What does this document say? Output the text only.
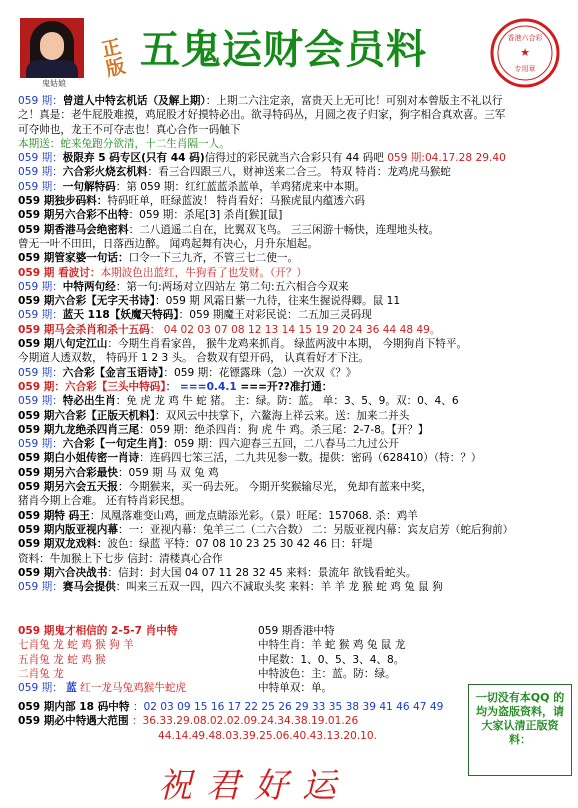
鬼姑娘
正版 五鬼运财会员料	★
香港六合彩
专用章
059 期：曾道人中特玄机话（及解上期）：上期二六注定亲，富贵天上无可比！可别对本曾版主不礼以行
之！真是：老牛屁股难摸，鸡屁股才好摸特必出。欲寻特码丛，月圆之夜子归家，狗字相合真欢喜。三军
可夺帅也，龙王不可夺志也！真心合作一码触下
本期送：蛇来兔跑分欲清，十二生肖隔一人。
059 期：极限弃 5 码专区(只有 44 码)信得过的彩民就当六合彩只有 44 码吧 059 期:04.17.28 29.40
059 期：六合彩火烧玄机料：看三合四跟三八，财神送来二合三。 特双 特肖：龙鸡虎马猴蛇
059 期：一句解特码：第 059 期：红红蓝蓝杀蓝单，羊鸡猪虎来中本期。
059 期独步码料：特码旺单，旺绿蓝波！ 特肖看好：马猴虎鼠内蕴透六码
059 期另六合彩不出特：059 期：杀尾[3] 杀肖[猴][鼠]
059 期香港马会绝密料：二八逍遥二自在，比翼双飞鸟。 三三闲游十畅快，连理地头枝。
曾无一叶不田田，日落西边醉。 闻鸡起舞有决心，月升东旭起。
059 期管家婆一句话：口令一下三九齐，不管三七二使一。
059 期 看波讨：本期波色出蓝红，牛狗看了也发财。（开？）
059 期：中特两句经：第一句:两场对立四站左 第二句:五六相合今双来
059 期六合彩【无字天书诗】：059 期 风霜日紫一九待，往来生握说得卿。鼠 11
059 期：蓝天 118【妖魔天特码】：059 期魔王对彩民说：二五加三灵码现
059 期马会杀肖和杀十五码： 04 02 03 07 08 12 13 14 15 19 20 24 36 44 48 49。
059 期八句定江山：今期生肖看家兽， 猴牛龙鸡来抓肖。 绿蓝两波中本期， 今期狗肖下特平。
今期道人透双数， 特码开 1 2 3 头。 合数双有望开码， 认真看好才下注。
059 期：六合彩【金言玉语诗】：059 期：花镖露珠（急）一次双《？》
059 期：六合彩【三头中特码】： ===0.4.1 ===开??准打通：
059 期：特必出生肖：免 虎 龙 鸡 牛 蛇 猪。 主：绿。防：蓝。 单：3、5、9。双：0、4、6
059 期六合彩【正版天机料】：双风云中扶掌下，六鳌海上祥云来。送：加来二并头
059 期九龙绝杀四肖三尾：059 期：绝杀四肖：狗 虎 牛 鸡。杀三尾：2-7-8。【开？】
059 期：六合彩【一句定生肖】：059 期：四六迎春三五回，二八春马二九过公开
059 期白小姐传密一肖诗：连码四七笨三活，二九共见参一数。提供：密码（628410）（特：？）
059 期另六合彩最快：059 期 马 双 兔 鸡
059 期另六会五天报：今期猴来，买一码去死。 今期开奖猴输尽光， 免却有蓝来中奖，
猪肖今期上合难。 还有特肖彩民想。
059 期特 码王：凤凰落难变山鸡，画龙点睛添光彩。（景）旺尾：157068. 杀：鸡羊
059 期内版亚视内幕：一：亚视内幕：兔羊三二（二六合数） 二：另版亚视内幕：宾友启芳（蛇后狗前）
059 期双龙戏料：波色：绿蓝 平特：07 08 10 23 25 30 42 46 日：轩堤
资料：牛加猴上下七步 信封：清楼真心合作
059 期六合决战书：信封：封大国 04 07 11 28 32 45 来料：景流年 欲钱看蛇头。
059 期：赛马会提供：叫来三五双一四，四六不减取头奖 来料：羊 羊 龙 猴 蛇 鸡 兔 鼠 狗
059 期鬼才相信的 2-5-7 肖中特
七肖兔 龙 蛇 鸡 猴 狗 羊
五肖兔 龙 蛇 鸡 猴
二肖兔 龙
059 期： 蓝 红一龙马兔鸡猴牛蛇虎
059 期香港中特
中特生肖：羊 蛇 猴 鸡 兔 鼠 龙
中尾数：1、0、5、3、4、8。
中特波色：主：蓝。防：绿。
中特单双：单。
059 期内部 18 码中特 ：02 03 09 15 16 17 22 25 26 29 33 35 38 39 41 46 47 49
059 期必中特遇大范围 ：36.33.29.08.02.02.09.24.34.38.19.01.26
44.14.49.48.03.39.25.06.40.43.13.20.10.
一切没有本QQ 的均为盗版资料，请大家认清正版资料：
祝君好运
